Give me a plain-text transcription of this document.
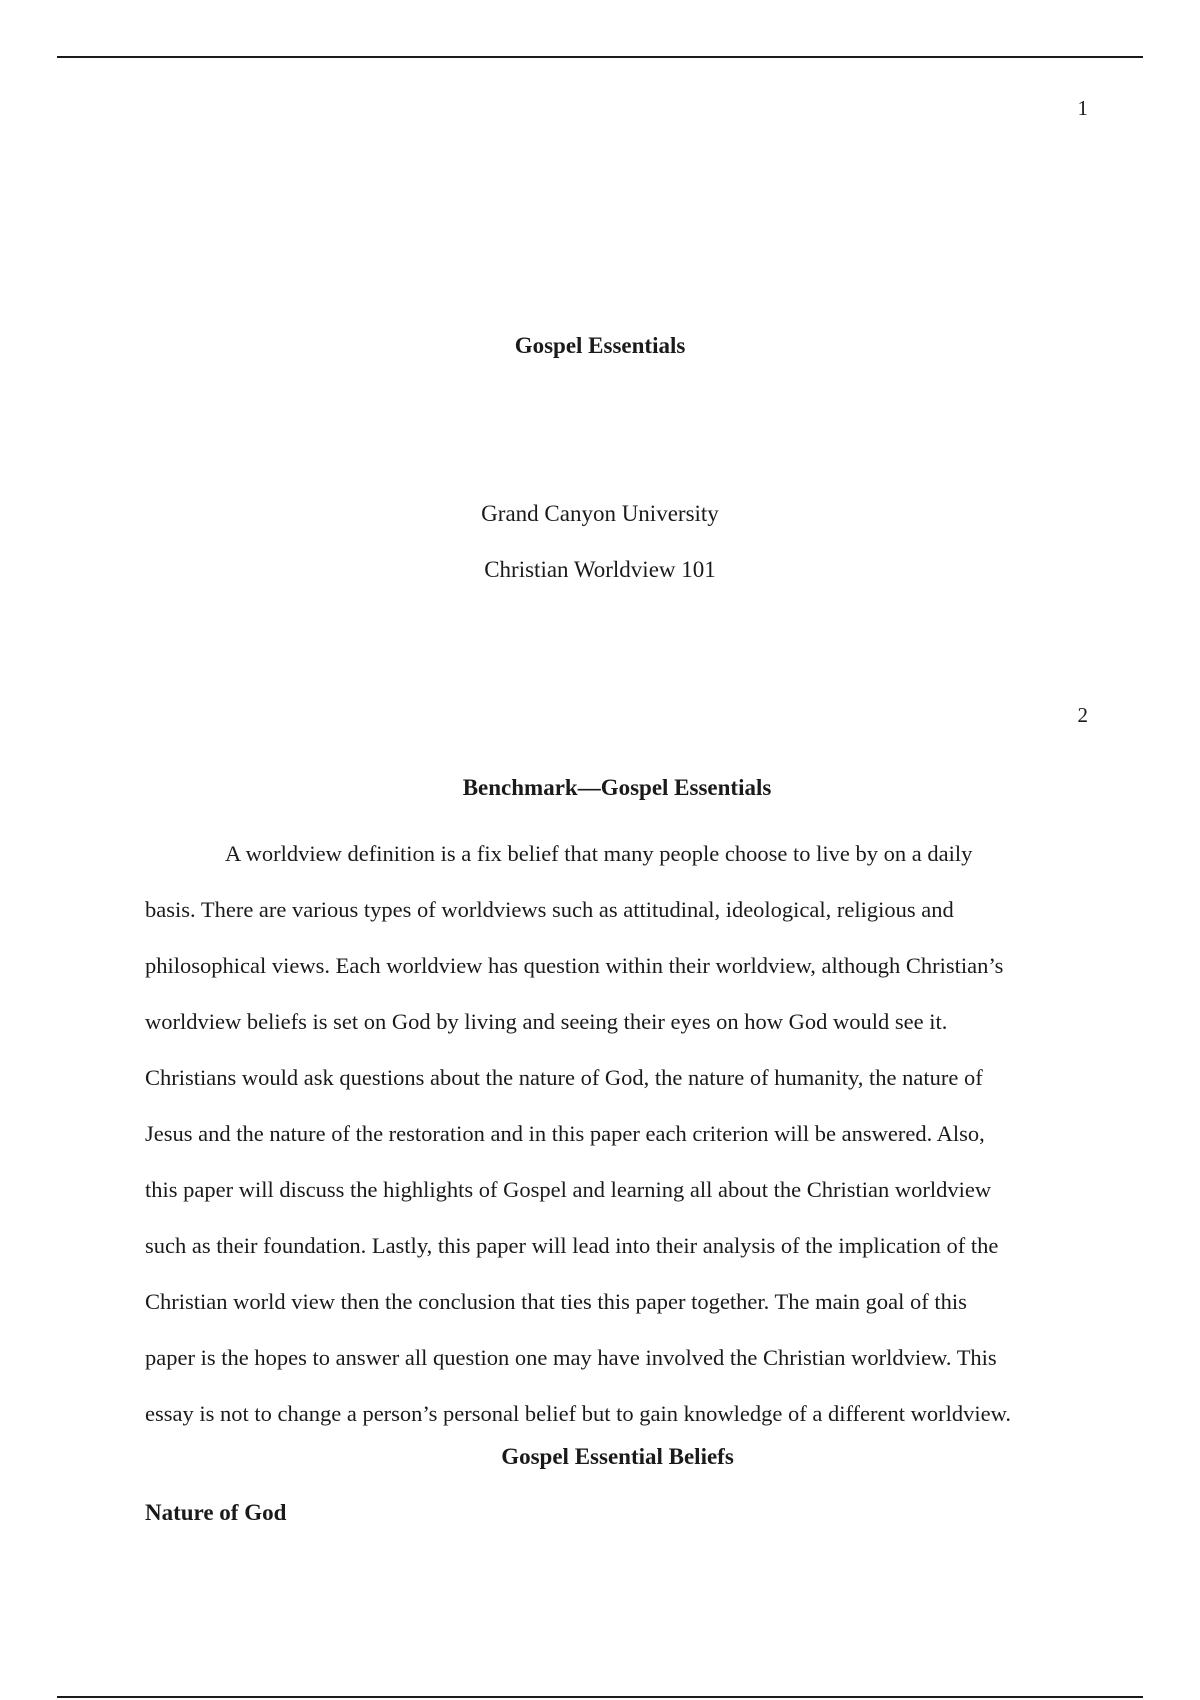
1
Gospel Essentials
Grand Canyon University
Christian Worldview 101
2
Benchmark—Gospel Essentials

A worldview definition is a fix belief that many people choose to live by on a daily
basis. There are various types of worldviews such as attitudinal, ideological, religious and
philosophical views. Each worldview has question within their worldview, although Christian’s
worldview beliefs is set on God by living and seeing their eyes on how God would see it.
Christians would ask questions about the nature of God, the nature of humanity, the nature of
Jesus and the nature of the restoration and in this paper each criterion will be answered. Also,
this paper will discuss the highlights of Gospel and learning all about the Christian worldview
such as their foundation. Lastly, this paper will lead into their analysis of the implication of the
Christian world view then the conclusion that ties this paper together. The main goal of this
paper is the hopes to answer all question one may have involved the Christian worldview. This
essay is not to change a person’s personal belief but to gain knowledge of a different worldview.

Gospel Essential Beliefs
Nature of God
